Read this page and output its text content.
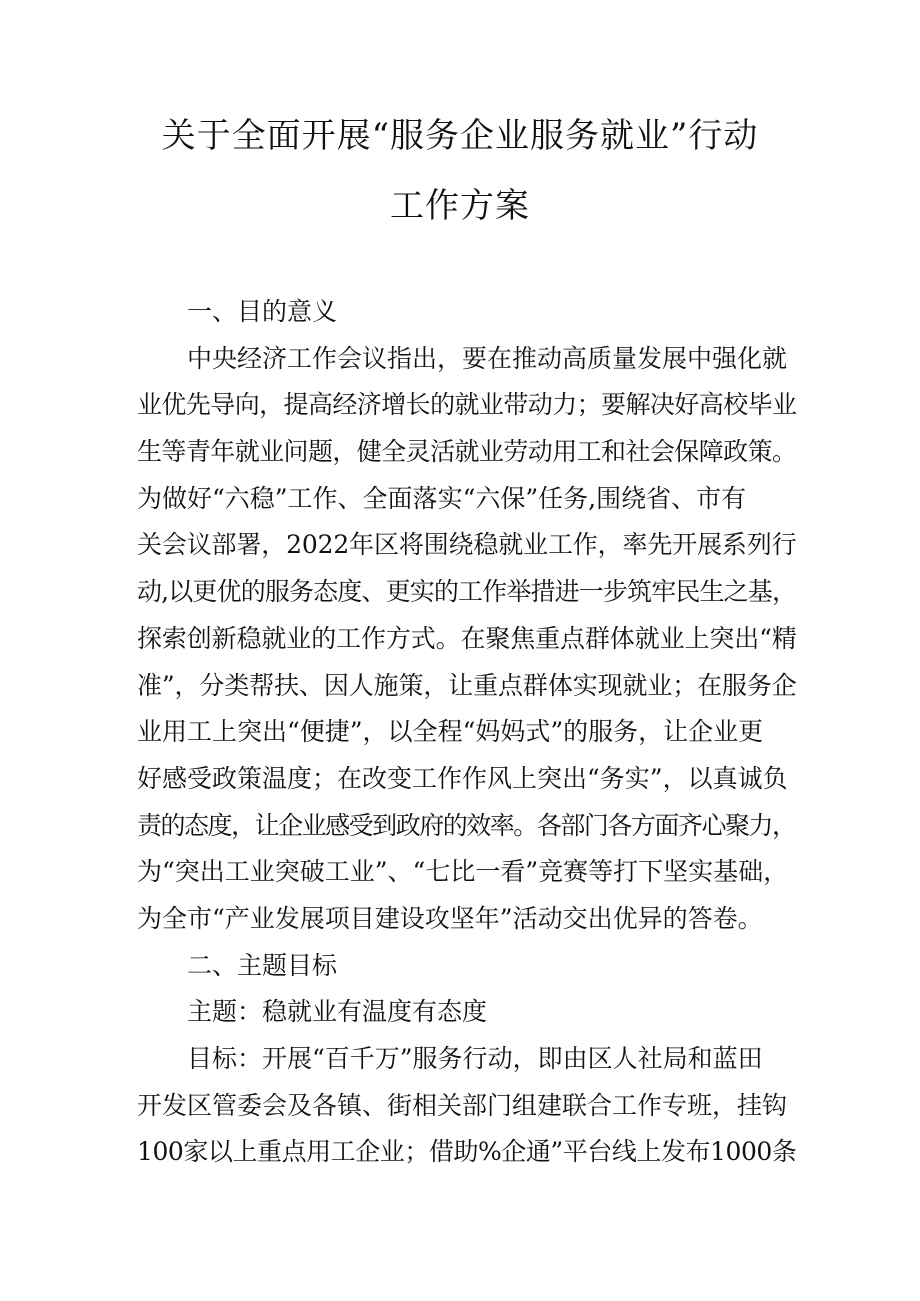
关于全面开展“服务企业服务就业”行动
工作方案
一、目的意义
中央经济工作会议指出，要在推动高质量发展中强化就
业优先导向，提高经济增长的就业带动力；要解决好高校毕业
生等青年就业问题，健全灵活就业劳动用工和社会保障政策。
为做好“六稳”工作、全面落实“六保”任务,围绕省、市有
关会议部署，2022年区将围绕稳就业工作，率先开展系列行
动,以更优的服务态度、更实的工作举措进一步筑牢民生之基，
探索创新稳就业的工作方式。在聚焦重点群体就业上突出“精
准”，分类帮扶、因人施策，让重点群体实现就业；在服务企
业用工上突出“便捷”，以全程“妈妈式”的服务，让企业更
好感受政策温度；在改变工作作风上突出“务实”，以真诚负
责的态度，让企业感受到政府的效率。各部门各方面齐心聚力，
为“突出工业突破工业”、“七比一看”竞赛等打下坚实基础，
为全市“产业发展项目建设攻坚年”活动交出优异的答卷。
二、主题目标
主题：稳就业有温度有态度
目标：开展“百千万”服务行动，即由区人社局和蓝田
开发区管委会及各镇、街相关部门组建联合工作专班，挂钩
100家以上重点用工企业；借助%企通”平台线上发布1000条
